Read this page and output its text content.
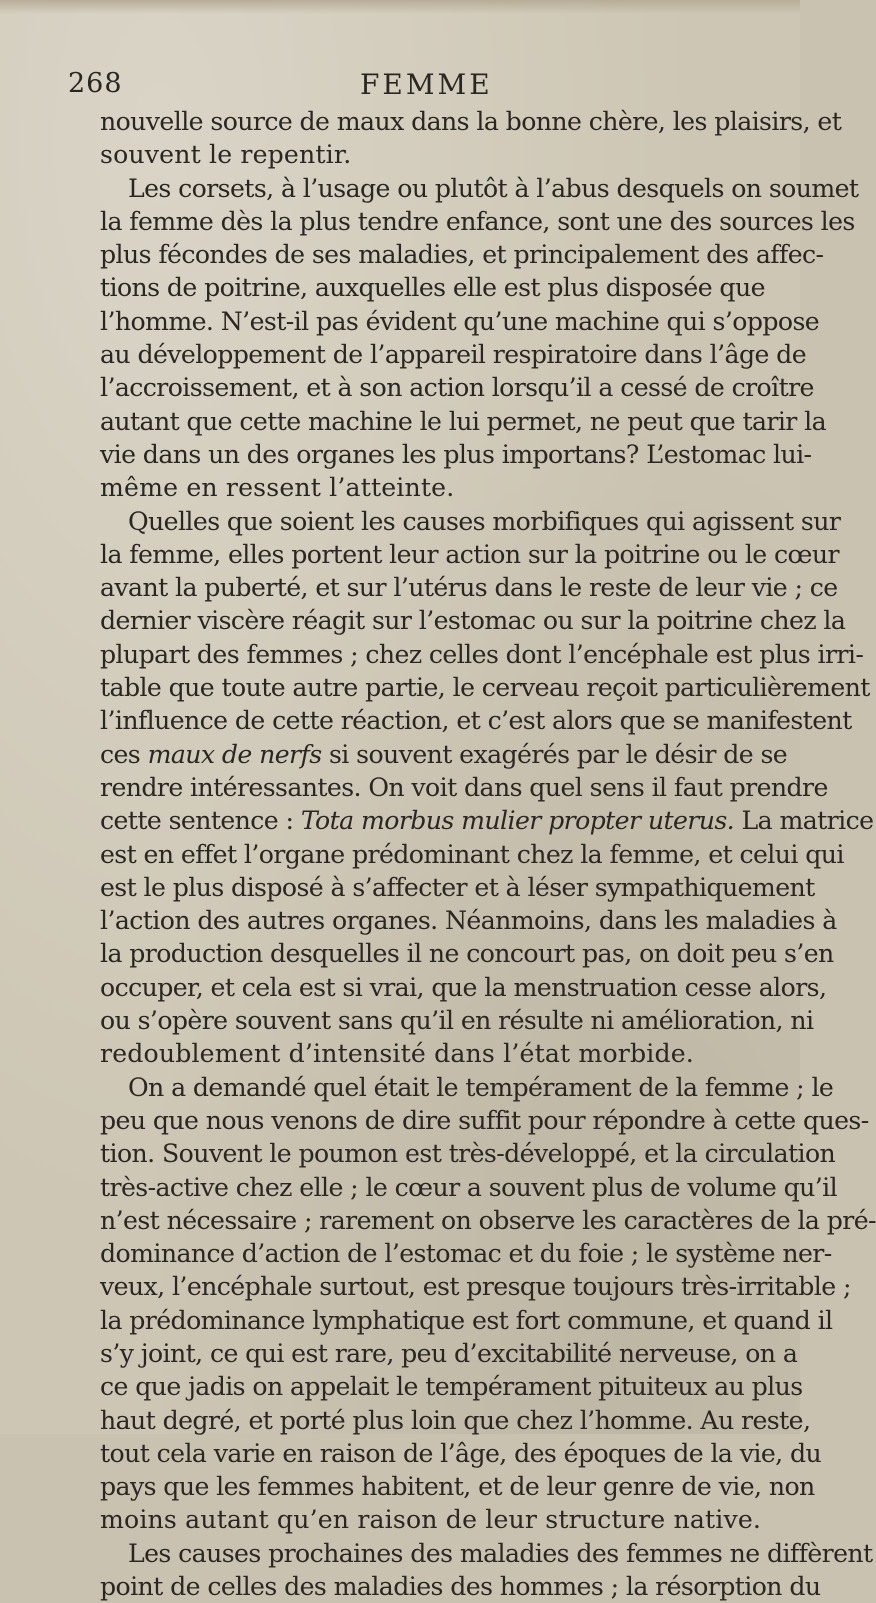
268	FEMME
nouvelle source de maux dans la bonne chère, les plaisirs, et
souvent le repentir.
Les corsets, à l’usage ou plutôt à l’abus desquels on soumet
la femme dès la plus tendre enfance, sont une des sources les
plus fécondes de ses maladies, et principalement des affec-
tions de poitrine, auxquelles elle est plus disposée que
l’homme. N’est-il pas évident qu’une machine qui s’oppose
au développement de l’appareil respiratoire dans l’âge de
l’accroissement, et à son action lorsqu’il a cessé de croître
autant que cette machine le lui permet, ne peut que tarir la
vie dans un des organes les plus importans? L’estomac lui-
même en ressent l’atteinte.
Quelles que soient les causes morbifiques qui agissent sur
la femme, elles portent leur action sur la poitrine ou le cœur
avant la puberté, et sur l’utérus dans le reste de leur vie ; ce
dernier viscère réagit sur l’estomac ou sur la poitrine chez la
plupart des femmes ; chez celles dont l’encéphale est plus irri-
table que toute autre partie, le cerveau reçoit particulièrement
l’influence de cette réaction, et c’est alors que se manifestent
ces maux de nerfs si souvent exagérés par le désir de se
rendre intéressantes. On voit dans quel sens il faut prendre
cette sentence : Tota morbus mulier propter uterus. La matrice
est en effet l’organe prédominant chez la femme, et celui qui
est le plus disposé à s’affecter et à léser sympathiquement
l’action des autres organes. Néanmoins, dans les maladies à
la production desquelles il ne concourt pas, on doit peu s’en
occuper, et cela est si vrai, que la menstruation cesse alors,
ou s’opère souvent sans qu’il en résulte ni amélioration, ni
redoublement d’intensité dans l’état morbide.
On a demandé quel était le tempérament de la femme ; le
peu que nous venons de dire suffit pour répondre à cette ques-
tion. Souvent le poumon est très-développé, et la circulation
très-active chez elle ; le cœur a souvent plus de volume qu’il
n’est nécessaire ; rarement on observe les caractères de la pré-
dominance d’action de l’estomac et du foie ; le système ner-
veux, l’encéphale surtout, est presque toujours très-irritable ;
la prédominance lymphatique est fort commune, et quand il
s’y joint, ce qui est rare, peu d’excitabilité nerveuse, on a
ce que jadis on appelait le tempérament pituiteux au plus
haut degré, et porté plus loin que chez l’homme. Au reste,
tout cela varie en raison de l’âge, des époques de la vie, du
pays que les femmes habitent, et de leur genre de vie, non
moins autant qu’en raison de leur structure native.
Les causes prochaines des maladies des femmes ne diffèrent
point de celles des maladies des hommes ; la résorption du
